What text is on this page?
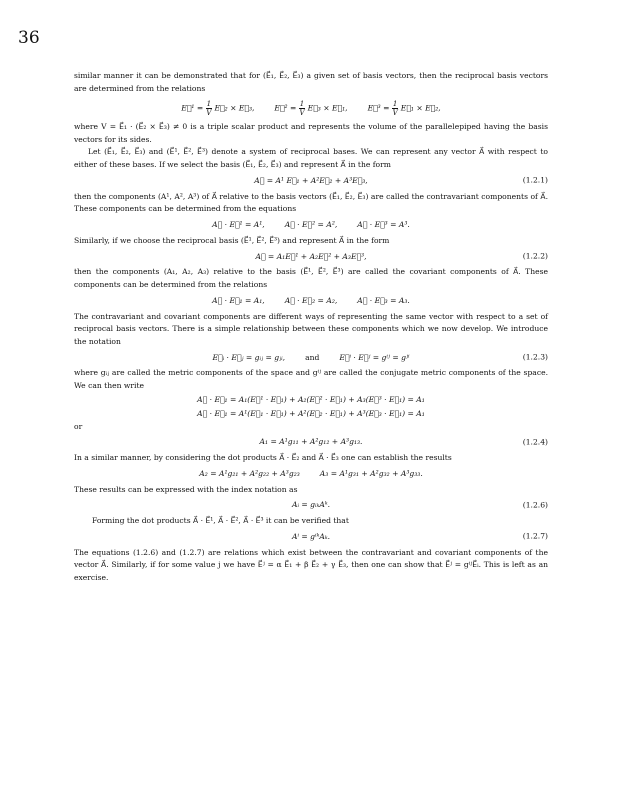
36

similar manner it can be demonstrated that for (E⃗₁, E⃗₂, E⃗₃) a given set of basis vectors, then the reciprocal basis vectors are determined from the relations

E⃗¹ = $\frac{1}{V}$ E⃗₂ × E⃗₃,	E⃗² = $\frac{1}{V}$ E⃗₃ × E⃗₁,	E⃗³ = $\frac{1}{V}$ E⃗₁ × E⃗₂,

where V = E⃗₁ · (E⃗₂ × E⃗₃) ≠ 0 is a triple scalar product and represents the volume of the parallelepiped having the basis vectors for its sides.

Let (E⃗₁, E⃗₂, E⃗₃) and (E⃗¹, E⃗², E⃗³) denote a system of reciprocal bases. We can represent any vector A⃗ with respect to either of these bases. If we select the basis (E⃗₁, E⃗₂, E⃗₃) and represent A⃗ in the form

A⃗ = A¹ E⃗₁ + A²E⃗₂ + A³E⃗₃,	(1.2.1)

then the components (A¹, A², A³) of A⃗ relative to the basis vectors (E⃗₁, E⃗₂, E⃗₃) are called the contravariant components of A⃗. These components can be determined from the equations

A⃗ · E⃗¹ = A¹,	A⃗ · E⃗² = A²,	A⃗ · E⃗³ = A³.

Similarly, if we choose the reciprocal basis (E⃗¹, E⃗², E⃗³) and represent A⃗ in the form

A⃗ = A₁E⃗¹ + A₂E⃗² + A₃E⃗³,	(1.2.2)

then the components (A₁, A₂, A₃) relative to the basis (E⃗¹, E⃗², E⃗³) are called the covariant components of A⃗. These components can be determined from the relations

A⃗ · E⃗₁ = A₁,	A⃗ · E⃗₂ = A₂,	A⃗ · E⃗₃ = A₃.

The contravariant and covariant components are different ways of representing the same vector with respect to a set of reciprocal basis vectors. There is a simple relationship between these components which we now develop. We introduce the notation

E⃗ᵢ · E⃗ⱼ = gᵢⱼ = gⱼᵢ,	and	E⃗ⁱ · E⃗ʲ = gⁱʲ = gʲⁱ	(1.2.3)

where gᵢⱼ are called the metric components of the space and gⁱʲ are called the conjugate metric components of the space. We can then write

A⃗ · E⃗₁ = A₁(E⃗¹ · E⃗₁) + A₂(E⃗² · E⃗₁) + A₃(E⃗³ · E⃗₁) = A₁
A⃗ · E⃗₁ = A¹(E⃗₁ · E⃗₁) + A²(E⃗₂ · E⃗₁) + A³(E⃗₃ · E⃗₁) = A₁

or

A₁ = A¹g₁₁ + A²g₁₂ + A³g₁₃.	(1.2.4)

In a similar manner, by considering the dot products A⃗ · E⃗₂ and A⃗ · E⃗₃ one can establish the results

A₂ = A¹g₂₁ + A²g₂₂ + A³g₂₃	A₃ = A¹g₃₁ + A²g₃₂ + A³g₃₃.

These results can be expressed with the index notation as

Aᵢ = gᵢₖAᵏ.	(1.2.6)

Forming the dot products A⃗ · E⃗¹, A⃗ · E⃗², A⃗ · E⃗³ it can be verified that

Aⁱ = gⁱᵏAₖ.	(1.2.7)

The equations (1.2.6) and (1.2.7) are relations which exist between the contravariant and covariant components of the vector A⃗. Similarly, if for some value j we have E⃗ʲ = α E⃗₁ + β E⃗₂ + γ E⃗₃, then one can show that E⃗ʲ = gⁱʲE⃗ᵢ. This is left as an exercise.
